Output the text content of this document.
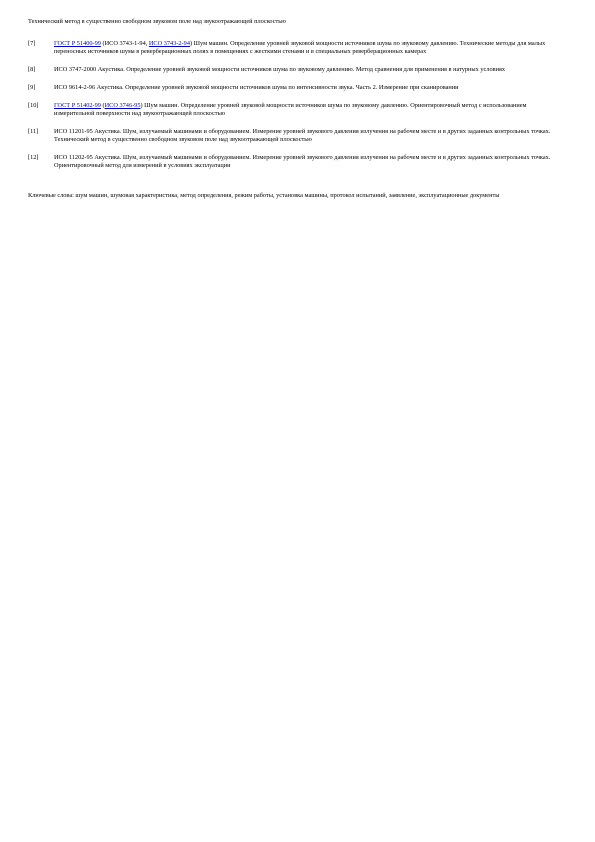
Технический метод в существенно свободном звуковом поле над звукоотражающей плоскостью
[7]	ГОСТ Р 51400-99 (ИСО 3743-1-94, ИСО 3743-2-94) Шум машин. Определение уровней звуковой мощности источников шума по звуковому давлению. Технические методы для малых переносных источников шума в реверберационных полях в помещениях с жесткими стенами и в специальных реверберационных камерах
[8]	ИСО 3747-2000 Акустика. Определение уровней звуковой мощности источников шума по звуковому давлению. Метод сравнения для применения в натурных условиях
[9]	ИСО 9614-2-96 Акустика. Определение уровней звуковой мощности источников шума по интенсивности звука. Часть 2. Измерение при сканировании
[10]	ГОСТ Р 51402-99 (ИСО 3746-95) Шум машин. Определение уровней звуковой мощности источников шума по звуковому давлению. Ориентировочный метод с использованием измерительной поверхности над звукоотражающей плоскостью
[11]	ИСО 11201-95 Акустика. Шум, излучаемый машинами и оборудованием. Измерение уровней звукового давления излучения на рабочем месте и в других заданных контрольных точках. Технический метод в существенно свободном звуковом поле над звукоотражающей плоскостью
[12]	ИСО 11202-95 Акустика. Шум, излучаемый машинами и оборудованием. Измерение уровней звукового давления излучения на рабочем месте и в других заданных контрольных точках. Ориентировочный метод для измерений в условиях эксплуатации
Ключевые слова: шум машин, шумовая характеристика, метод определения, режим работы, установка машины, протокол испытаний, заявление, эксплуатационные документы
